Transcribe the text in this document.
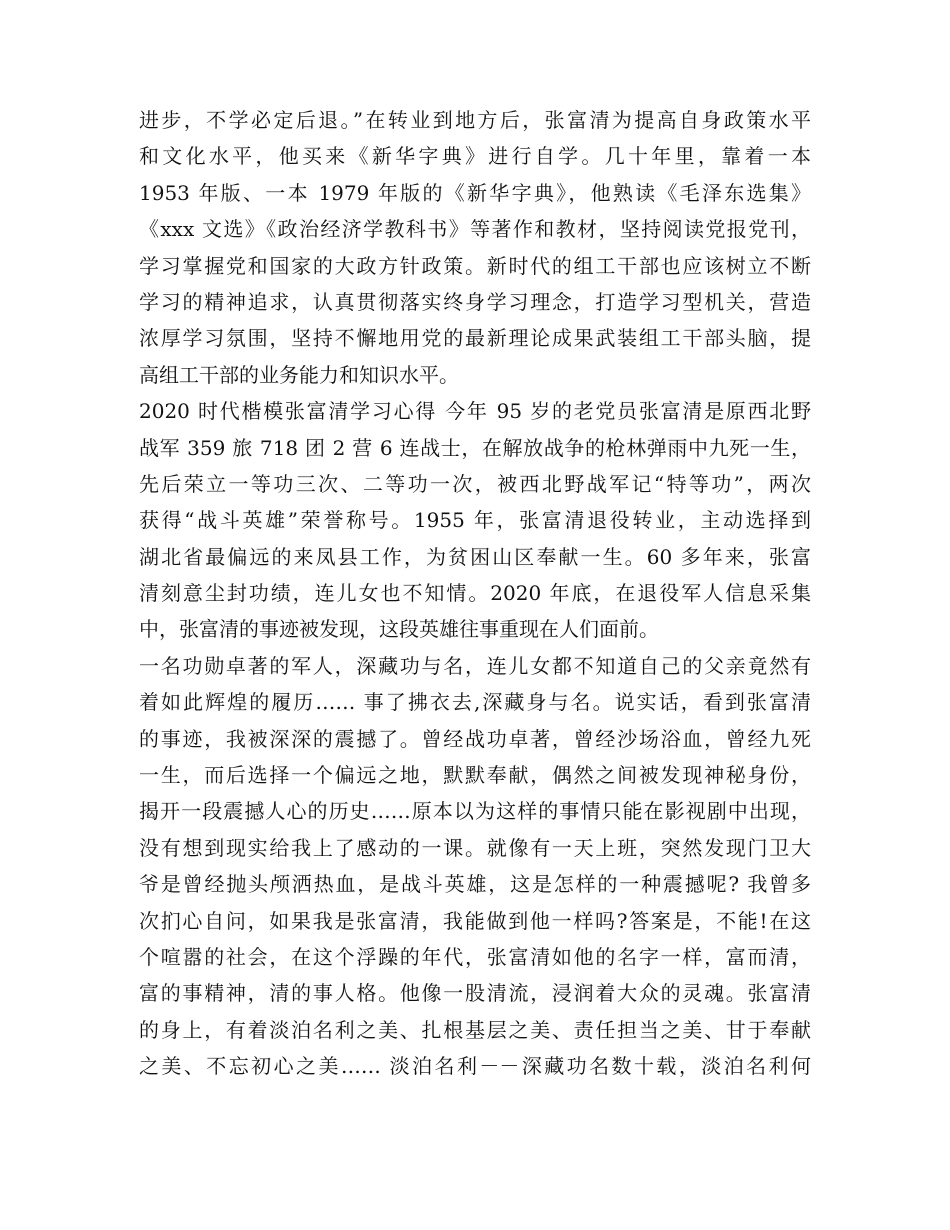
进步，不学必定后退。”在转业到地方后，张富清为提高自身政策水平
和文化水平，他买来《新华字典》进行自学。几十年里，靠着一本
1953 年版、一本 1979 年版的《新华字典》，他熟读《毛泽东选集》
《xxx 文选》《政治经济学教科书》等著作和教材，坚持阅读党报党刊，
学习掌握党和国家的大政方针政策。新时代的组工干部也应该树立不断
学习的精神追求，认真贯彻落实终身学习理念，打造学习型机关，营造
浓厚学习氛围，坚持不懈地用党的最新理论成果武装组工干部头脑，提
高组工干部的业务能力和知识水平。
2020 时代楷模张富清学习心得 今年 95 岁的老党员张富清是原西北野
战军 359 旅 718 团 2 营 6 连战士，在解放战争的枪林弹雨中九死一生，
先后荣立一等功三次、二等功一次，被西北野战军记“特等功”，两次
获得“战斗英雄”荣誉称号。1955 年，张富清退役转业，主动选择到
湖北省最偏远的来凤县工作，为贫困山区奉献一生。60 多年来，张富
清刻意尘封功绩，连儿女也不知情。2020 年底，在退役军人信息采集
中，张富清的事迹被发现，这段英雄往事重现在人们面前。
一名功勋卓著的军人，深藏功与名，连儿女都不知道自己的父亲竟然有
着如此辉煌的履历…… 事了拂衣去,深藏身与名。说实话，看到张富清
的事迹，我被深深的震撼了。曾经战功卓著，曾经沙场浴血，曾经九死
一生，而后选择一个偏远之地，默默奉献，偶然之间被发现神秘身份，
揭开一段震撼人心的历史……原本以为这样的事情只能在影视剧中出现，
没有想到现实给我上了感动的一课。就像有一天上班，突然发现门卫大
爷是曾经抛头颅洒热血，是战斗英雄，这是怎样的一种震撼呢? 我曾多
次扪心自问，如果我是张富清，我能做到他一样吗?答案是，不能!在这
个喧嚣的社会，在这个浮躁的年代，张富清如他的名字一样，富而清，
富的事精神，清的事人格。他像一股清流，浸润着大众的灵魂。张富清
的身上，有着淡泊名利之美、扎根基层之美、责任担当之美、甘于奉献
之美、不忘初心之美…… 淡泊名利－－深藏功名数十载，淡泊名利何
